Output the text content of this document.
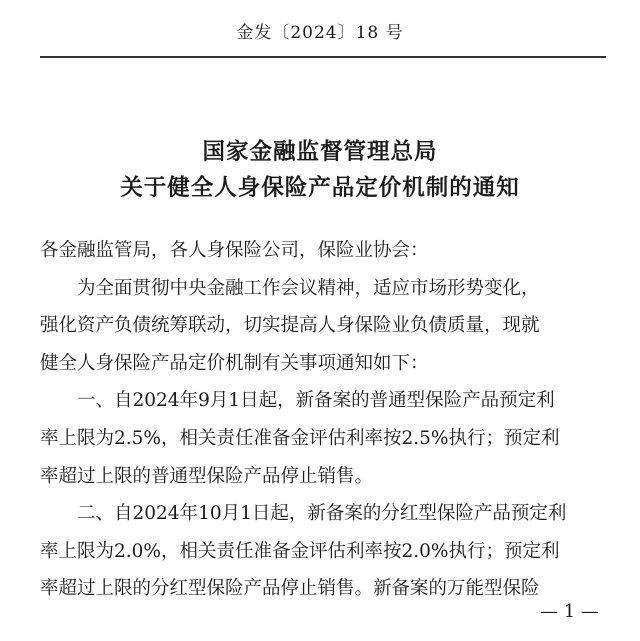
金发〔2024〕18 号
国家金融监督管理总局
关于健全人身保险产品定价机制的通知
各金融监管局，各人身保险公司，保险业协会：
为全面贯彻中央金融工作会议精神，适应市场形势变化，
强化资产负债统筹联动，切实提高人身保险业负债质量，现就
健全人身保险产品定价机制有关事项通知如下：
一、自2024年9月1日起，新备案的普通型保险产品预定利
率上限为2.5%，相关责任准备金评估利率按2.5%执行；预定利
率超过上限的普通型保险产品停止销售。
二、自2024年10月1日起，新备案的分红型保险产品预定利
率上限为2.0%，相关责任准备金评估利率按2.0%执行；预定利
率超过上限的分红型保险产品停止销售。新备案的万能型保险
— 1 —
